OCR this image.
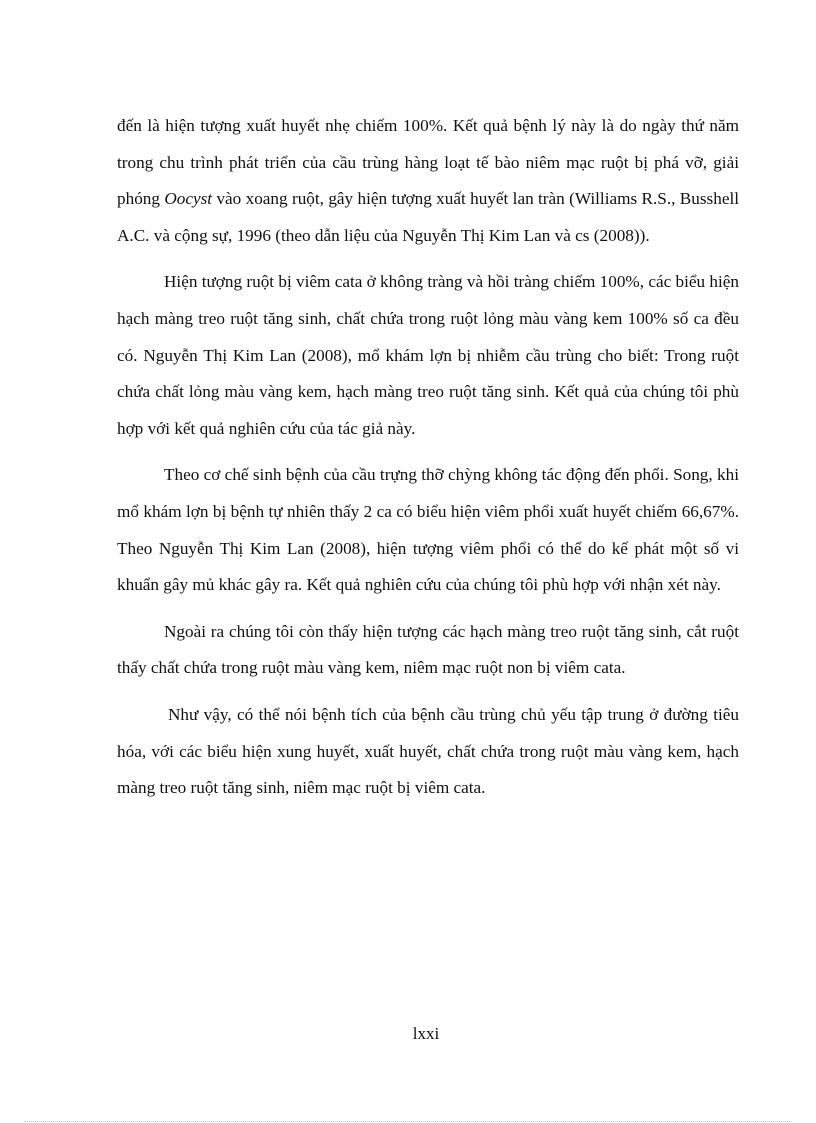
đến là hiện tượng xuất huyết nhẹ chiếm 100%. Kết quả bệnh lý này là do ngày thứ năm trong chu trình phát triển của cầu trùng hàng loạt tế bào niêm mạc ruột bị phá vỡ, giải phóng Oocyst vào xoang ruột, gây hiện tượng xuất huyết lan tràn (Williams R.S., Busshell A.C. và cộng sự, 1996 (theo dẫn liệu của Nguyễn Thị Kim Lan và cs (2008)).

Hiện tượng ruột bị viêm cata ở không tràng và hồi tràng chiếm 100%, các biểu hiện hạch màng treo ruột tăng sinh, chất chứa trong ruột lỏng màu vàng kem 100% số ca đều có. Nguyễn Thị Kim Lan (2008), mổ khám lợn bị nhiễm cầu trùng cho biết: Trong ruột chứa chất lỏng màu vàng kem, hạch màng treo ruột tăng sinh. Kết quả của chúng tôi phù hợp với kết quả nghiên cứu của tác giả này.

Theo cơ chế sinh bệnh của cầu trựng thỡ chỳng không tác động đến phổi. Song, khi mổ khám lợn bị bệnh tự nhiên thấy 2 ca có biểu hiện viêm phổi xuất huyết chiếm 66,67%. Theo Nguyễn Thị Kim Lan (2008), hiện tượng viêm phổi có thể do kế phát một số vi khuẩn gây mủ khác gây ra. Kết quả nghiên cứu của chúng tôi phù hợp với nhận xét này.

Ngoài ra chúng tôi còn thấy hiện tượng các hạch màng treo ruột tăng sinh, cắt ruột thấy chất chứa trong ruột màu vàng kem, niêm mạc ruột non bị viêm cata.

Như vậy, có thể nói bệnh tích của bệnh cầu trùng chủ yếu tập trung ở đường tiêu hóa, với các biểu hiện xung huyết, xuất huyết, chất chứa trong ruột màu vàng kem, hạch màng treo ruột tăng sinh, niêm mạc ruột bị viêm cata.

lxxi
